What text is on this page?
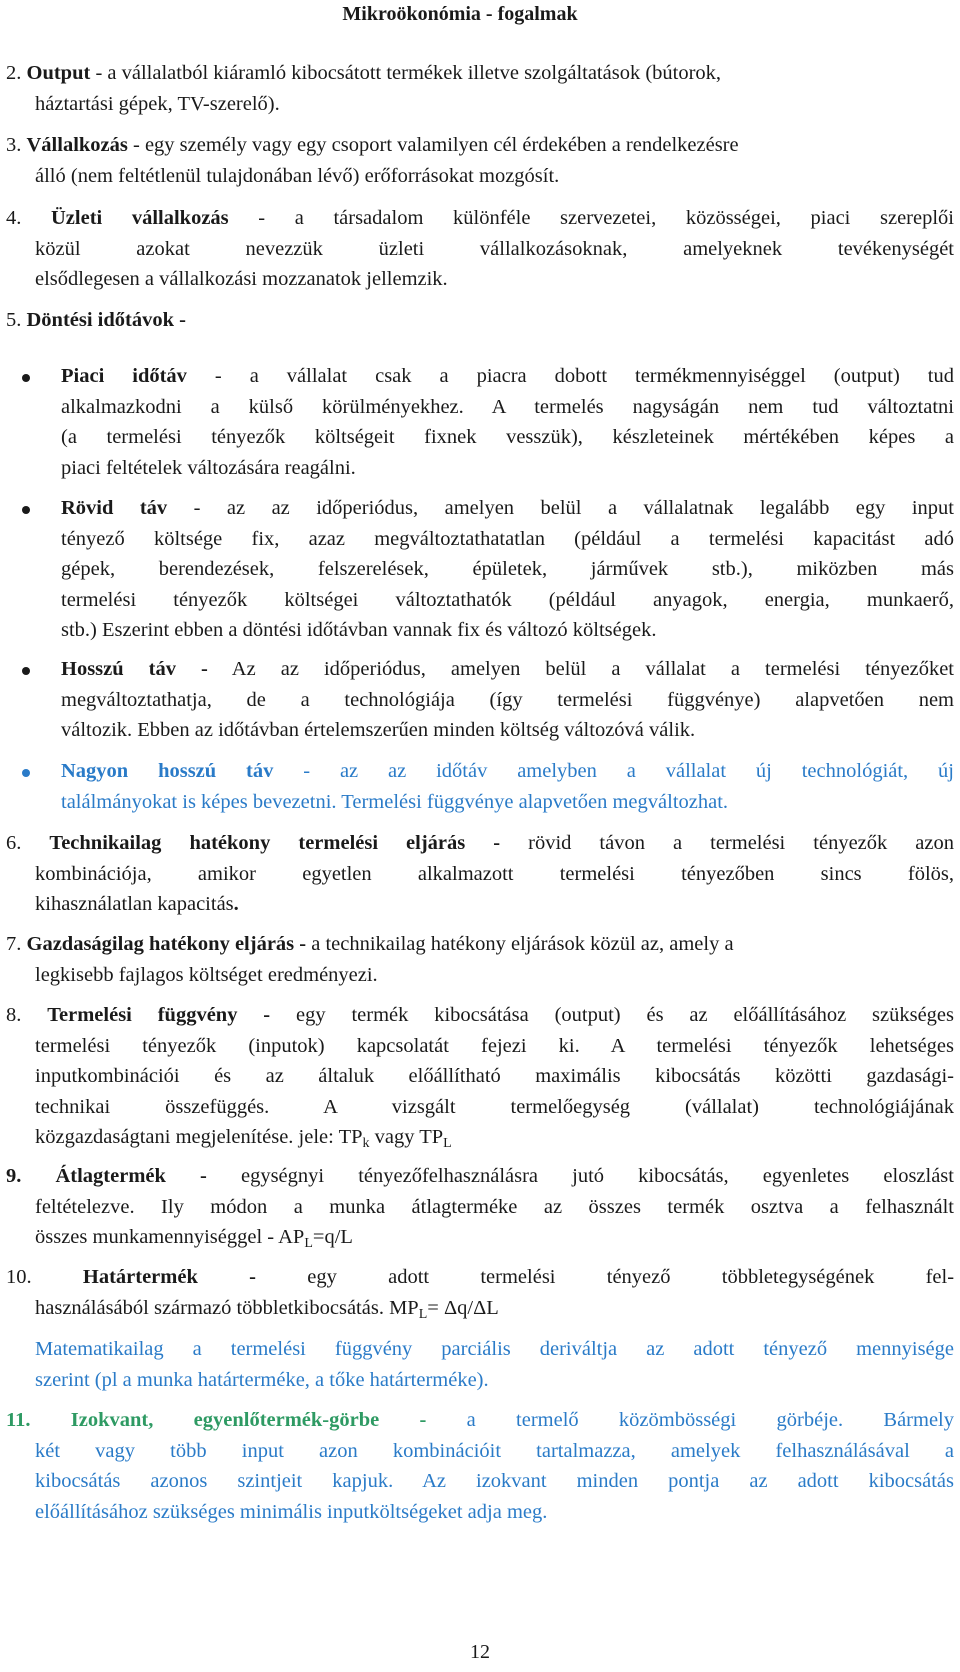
Mikroökonómia - fogalmak
2. Output - a vállalatból kiáramló kibocsátott termékek illetve szolgáltatások (bútorok,
háztartási gépek, TV-szerelő).
3. Vállalkozás - egy személy vagy egy csoport valamilyen cél érdekében a rendelkezésre
álló (nem feltétlenül tulajdonában lévő) erőforrásokat mozgósít.
4. Üzleti vállalkozás - a társadalom különféle szervezetei, közösségei, piaci szereplői
közül azokat nevezzük üzleti vállalkozásoknak, amelyeknek tevékenységét
elsődlegesen a vállalkozási mozzanatok jellemzik.
5. Döntési időtávok -
Piaci időtáv - a vállalat csak a piacra dobott termékmennyiséggel (output) tud
alkalmazkodni a külső körülményekhez. A termelés nagyságán nem tud változtatni
(a termelési tényezők költségeit fixnek vesszük), készleteinek mértékében képes a
piaci feltételek változására reagálni.
Rövid táv - az az időperiódus, amelyen belül a vállalatnak legalább egy input
tényező költsége fix, azaz megváltoztathatatlan (például a termelési kapacitást adó
gépek, berendezések, felszerelések, épületek, járművek stb.), miközben más
termelési tényezők költségei változtathatók (például anyagok, energia, munkaerő,
stb.) Eszerint ebben a döntési időtávban vannak fix és változó költségek.
Hosszú táv - Az az időperiódus, amelyen belül a vállalat a termelési tényezőket
megváltoztathatja, de a technológiája (így termelési függvénye) alapvetően nem
változik. Ebben az időtávban értelemszerűen minden költség változóvá válik.
Nagyon hosszú táv - az az időtáv amelyben a vállalat új technológiát, új
találmányokat is képes bevezetni. Termelési függvénye alapvetően megváltozhat.
6. Technikailag hatékony termelési eljárás - rövid távon a termelési tényezők azon
kombinációja, amikor egyetlen alkalmazott termelési tényezőben sincs fölös,
kihasználatlan kapacitás.
7. Gazdaságilag hatékony eljárás - a technikailag hatékony eljárások közül az, amely a
legkisebb fajlagos költséget eredményezi.
8. Termelési függvény - egy termék kibocsátása (output) és az előállításához szükséges
termelési tényezők (inputok) kapcsolatát fejezi ki. A termelési tényezők lehetséges
inputkombinációi és az általuk előállítható maximális kibocsátás közötti gazdasági-
technikai összefüggés. A vizsgált termelőegység (vállalat) technológiájának
közgazdaságtani megjelenítése. jele: $TP_k$ vagy $TP_L$
9. Átlagtermék - egységnyi tényezőfelhasználásra jutó kibocsátás, egyenletes eloszlást
feltételezve. Ily módon a munka átlagterméke az összes termék osztva a felhasznált
összes munkamennyiséggel - $AP_L=q/L$
10.	Határtermék -	egy	adott	termelési	tényező	többletegységének	fel-
használásából származó többletkibocsátás. $MP_L= \Delta q/\Delta L$
Matematikailag a termelési függvény parciális deriváltja az adott tényező mennyisége
szerint (pl a munka határterméke, a tőke határterméke).
11. Izokvant, egyenlőtermék-görbe - a termelő közömbösségi görbéje. Bármely
két vagy több input azon kombinációit tartalmazza, amelyek felhasználásával a
kibocsátás azonos szintjeit kapjuk. Az izokvant minden pontja az adott kibocsátás
előállításához szükséges minimális inputköltségeket adja meg.
12
